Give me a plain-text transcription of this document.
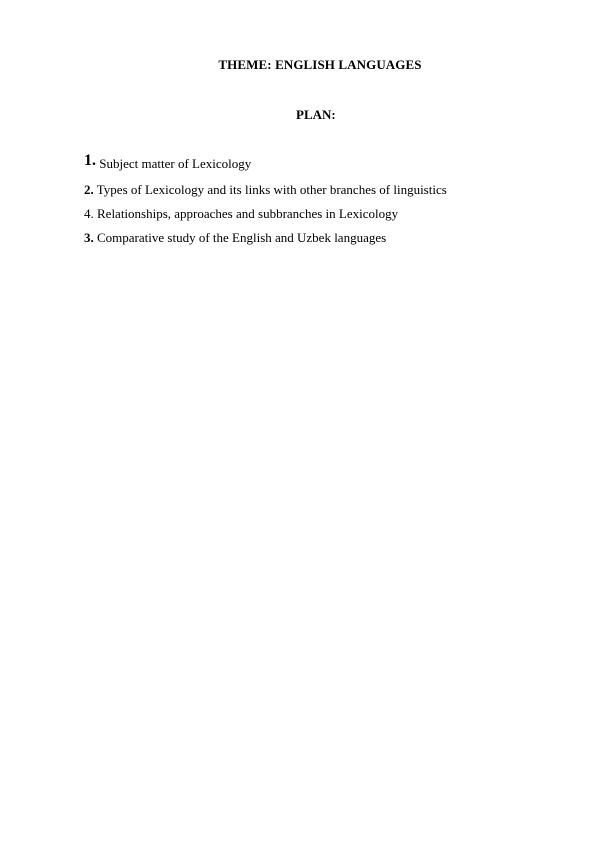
THEME: ENGLISH LANGUAGES
PLAN:
1. Subject matter of Lexicology
2. Types of Lexicology and its links with other branches of linguistics
4. Relationships, approaches and subbranches in Lexicology
3. Comparative study of the English and Uzbek languages
